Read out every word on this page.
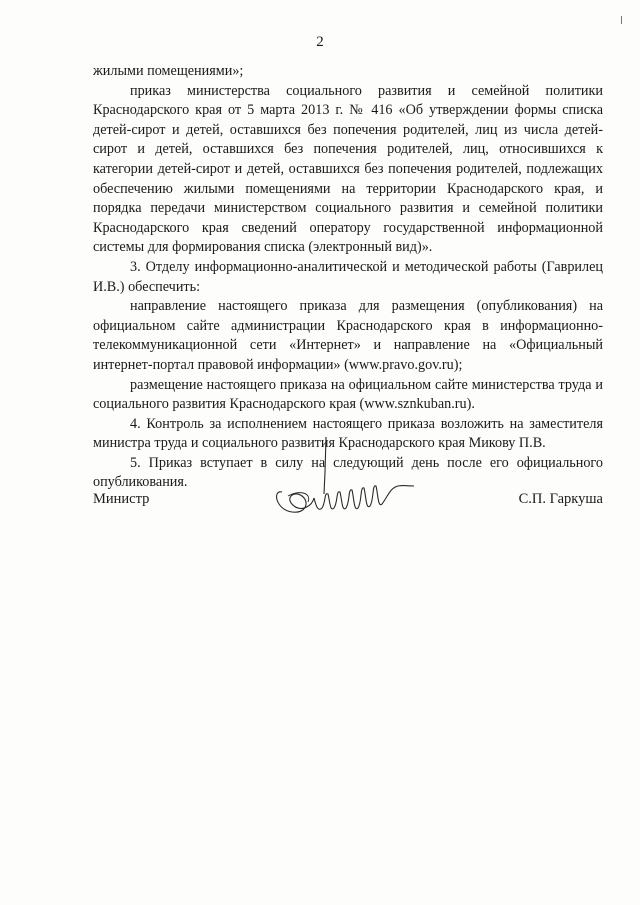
2

жилыми помещениями»;

приказ министерства социального развития и семейной политики Краснодарского края от 5 марта 2013 г. № 416 «Об утверждении формы списка детей-сирот и детей, оставшихся без попечения родителей, лиц из числа детей-сирот и детей, оставшихся без попечения родителей, лиц, относившихся к категории детей-сирот и детей, оставшихся без попечения родителей, подлежащих обеспечению жилыми помещениями на территории Краснодарского края, и порядка передачи министерством социального развития и семейной политики Краснодарского края сведений оператору государственной информационной системы для формирования списка (электронный вид)».

3. Отделу информационно-аналитической и методической работы (Гаврилец И.В.) обеспечить:

направление настоящего приказа для размещения (опубликования) на официальном сайте администрации Краснодарского края в информационно-телекоммуникационной сети «Интернет» и направление на «Официальный интернет-портал правовой информации» (www.pravo.gov.ru);

размещение настоящего приказа на официальном сайте министерства труда и социального развития Краснодарского края (www.sznkuban.ru).

4. Контроль за исполнением настоящего приказа возложить на заместителя министра труда и социального развития Краснодарского края Микову П.В.

5. Приказ вступает в силу на следующий день после его официального опубликования.

Министр	С.П. Гаркуша
